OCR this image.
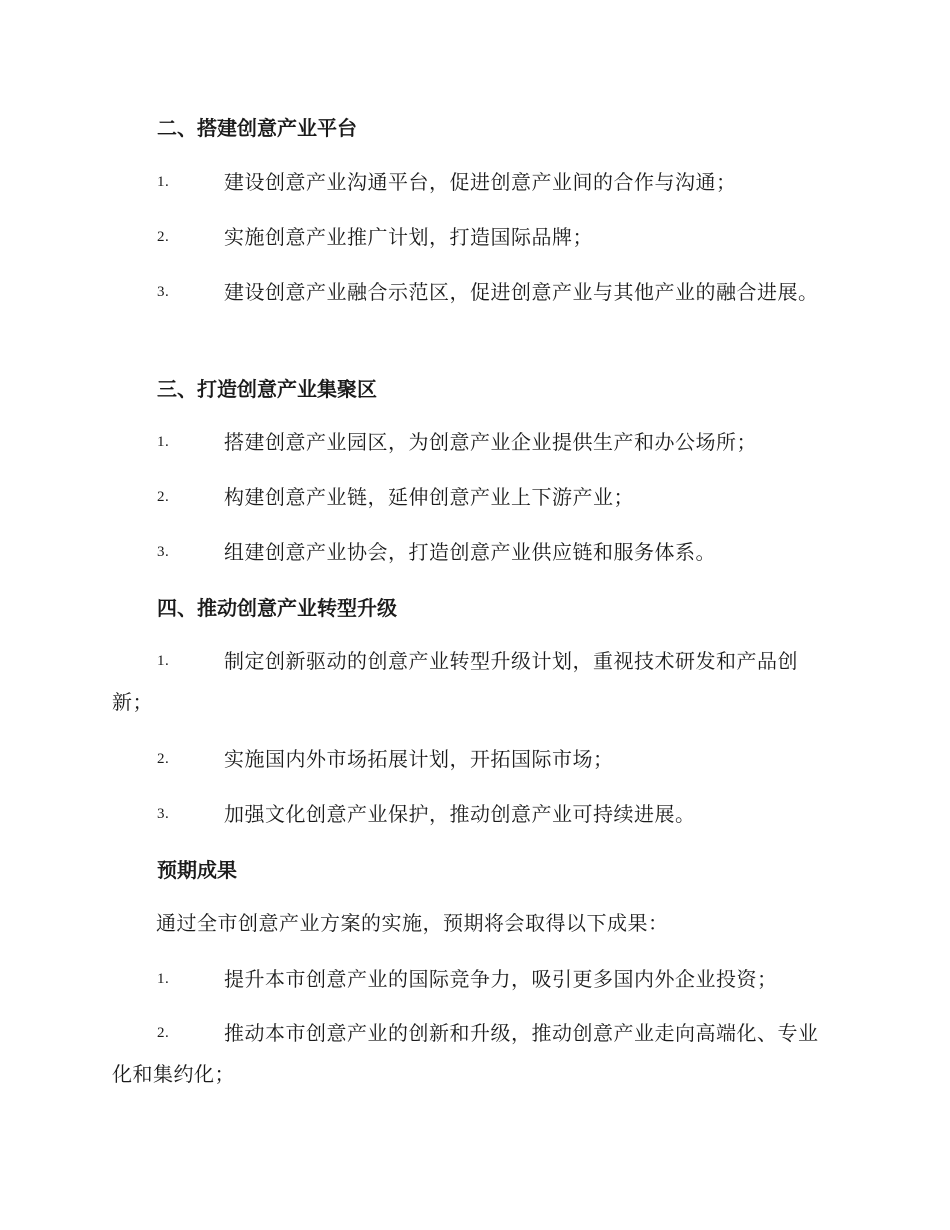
二、搭建创意产业平台
1.	建设创意产业沟通平台，促进创意产业间的合作与沟通；
2.	实施创意产业推广计划，打造国际品牌；
3.	建设创意产业融合示范区，促进创意产业与其他产业的融合进展。
三、打造创意产业集聚区
1.	搭建创意产业园区，为创意产业企业提供生产和办公场所；
2.	构建创意产业链，延伸创意产业上下游产业；
3.	组建创意产业协会，打造创意产业供应链和服务体系。
四、推动创意产业转型升级
1.	制定创新驱动的创意产业转型升级计划，重视技术研发和产品创新；
2.	实施国内外市场拓展计划，开拓国际市场；
3.	加强文化创意产业保护，推动创意产业可持续进展。
预期成果
通过全市创意产业方案的实施，预期将会取得以下成果：
1.	提升本市创意产业的国际竞争力，吸引更多国内外企业投资；
2.	推动本市创意产业的创新和升级，推动创意产业走向高端化、专业化和集约化；
